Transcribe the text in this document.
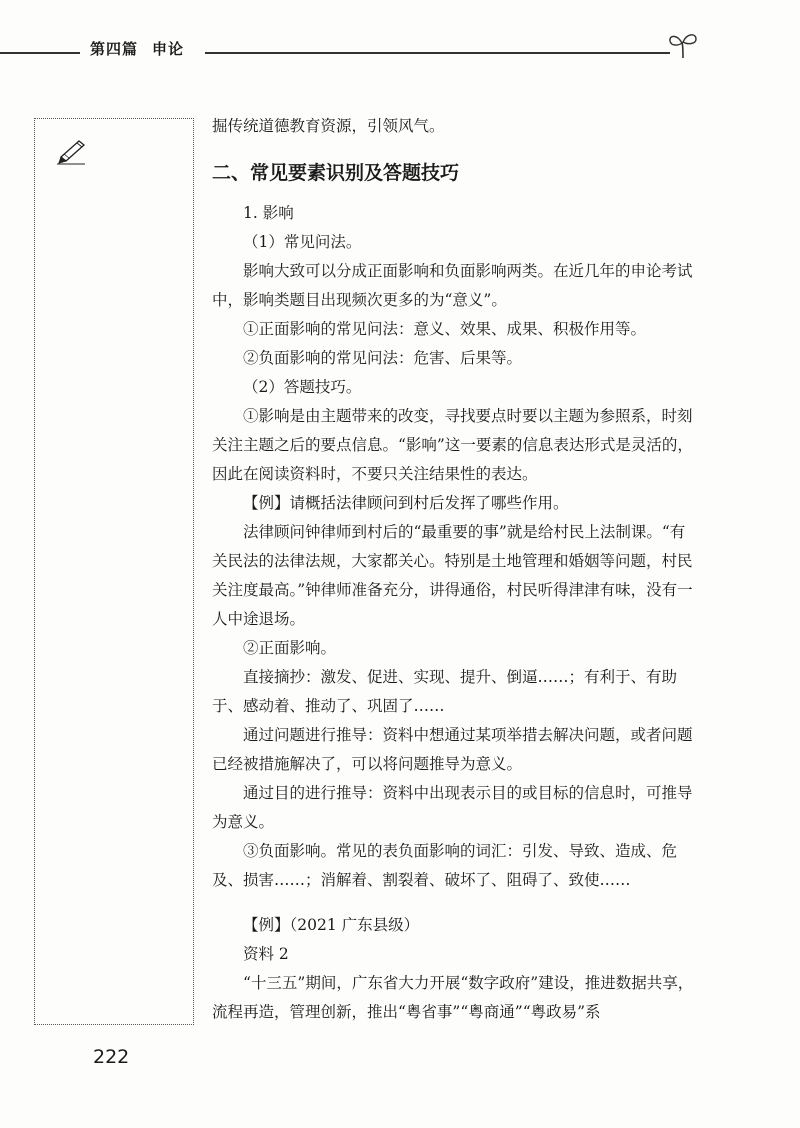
第四篇 申论

掘传统道德教育资源，引领风气。

二、常见要素识别及答题技巧

1. 影响

（1）常见问法。

影响大致可以分成正面影响和负面影响两类。在近几年的申论考试中，影响类题目出现频次更多的为“意义”。

①正面影响的常见问法：意义、效果、成果、积极作用等。

②负面影响的常见问法：危害、后果等。

（2）答题技巧。

①影响是由主题带来的改变，寻找要点时要以主题为参照系，时刻关注主题之后的要点信息。“影响”这一要素的信息表达形式是灵活的，因此在阅读资料时，不要只关注结果性的表达。

【例】请概括法律顾问到村后发挥了哪些作用。

法律顾问钟律师到村后的“最重要的事”就是给村民上法制课。“有关民法的法律法规，大家都关心。特别是土地管理和婚姻等问题，村民关注度最高。”钟律师准备充分，讲得通俗，村民听得津津有味，没有一人中途退场。

②正面影响。

直接摘抄：激发、促进、实现、提升、倒逼……；有利于、有助于、感动着、推动了、巩固了……

通过问题进行推导：资料中想通过某项举措去解决问题，或者问题已经被措施解决了，可以将问题推导为意义。

通过目的进行推导：资料中出现表示目的或目标的信息时，可推导为意义。

③负面影响。常见的表负面影响的词汇：引发、导致、造成、危及、损害……；消解着、割裂着、破坏了、阻碍了、致使……

【例】（2021 广东县级）

资料 2

“十三五”期间，广东省大力开展“数字政府”建设，推进数据共享，流程再造，管理创新，推出“粤省事”“粤商通”“粤政易”系

222
